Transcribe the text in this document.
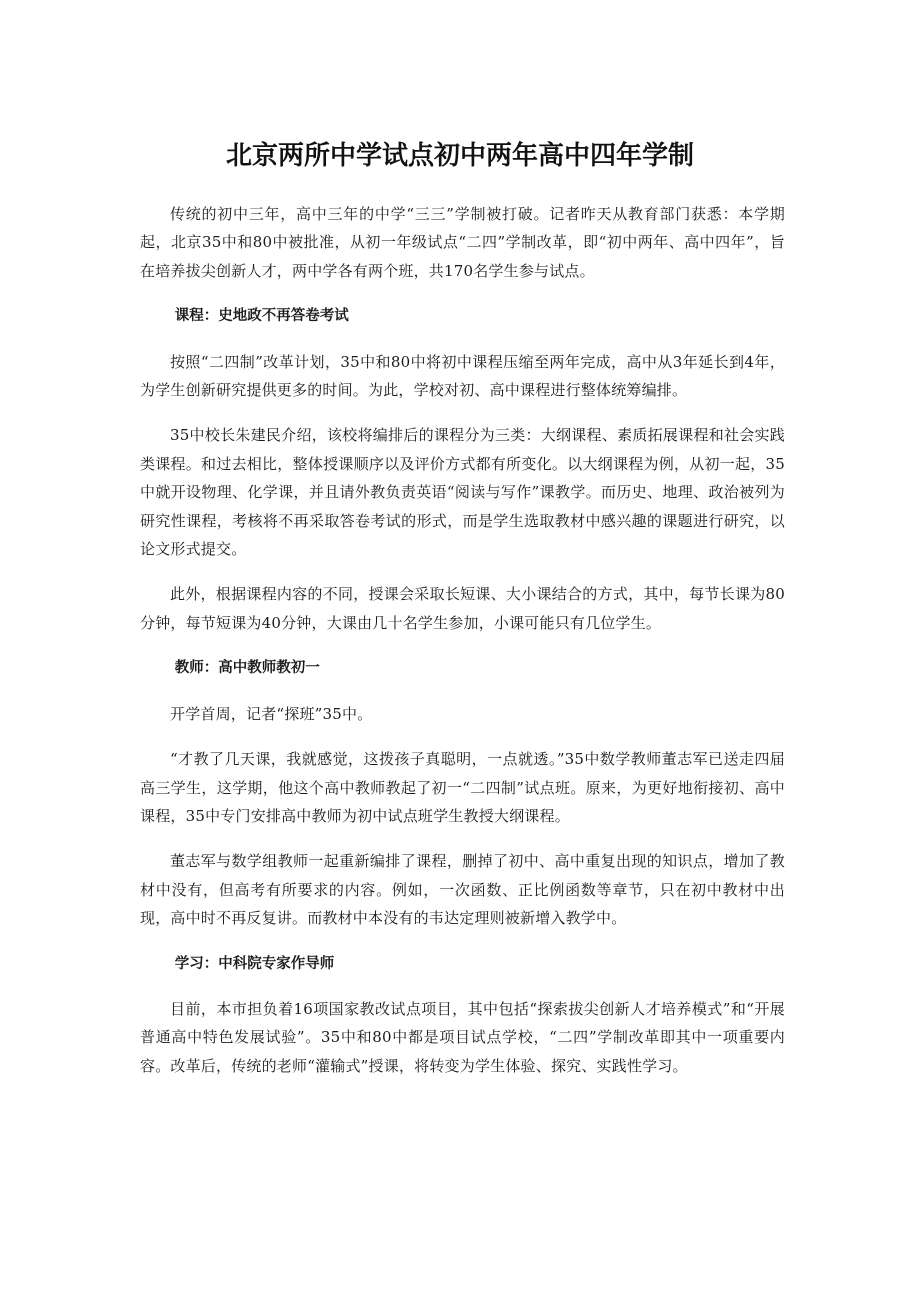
北京两所中学试点初中两年高中四年学制

传统的初中三年，高中三年的中学“三三”学制被打破。记者昨天从教育部门获悉：本学期起，北京35中和80中被批准，从初一年级试点“二四”学制改革，即“初中两年、高中四年”，旨在培养拔尖创新人才，两中学各有两个班，共170名学生参与试点。

课程：史地政不再答卷考试

按照“二四制”改革计划，35中和80中将初中课程压缩至两年完成，高中从3年延长到4年，为学生创新研究提供更多的时间。为此，学校对初、高中课程进行整体统筹编排。

35中校长朱建民介绍，该校将编排后的课程分为三类：大纲课程、素质拓展课程和社会实践类课程。和过去相比，整体授课顺序以及评价方式都有所变化。以大纲课程为例，从初一起，35中就开设物理、化学课，并且请外教负责英语“阅读与写作”课教学。而历史、地理、政治被列为研究性课程，考核将不再采取答卷考试的形式，而是学生选取教材中感兴趣的课题进行研究，以论文形式提交。

此外，根据课程内容的不同，授课会采取长短课、大小课结合的方式，其中，每节长课为80分钟，每节短课为40分钟，大课由几十名学生参加，小课可能只有几位学生。

教师：高中教师教初一

开学首周，记者“探班”35中。

“才教了几天课，我就感觉，这拨孩子真聪明，一点就透。”35中数学教师董志军已送走四届高三学生，这学期，他这个高中教师教起了初一“二四制”试点班。原来，为更好地衔接初、高中课程，35中专门安排高中教师为初中试点班学生教授大纲课程。

董志军与数学组教师一起重新编排了课程，删掉了初中、高中重复出现的知识点，增加了教材中没有，但高考有所要求的内容。例如，一次函数、正比例函数等章节，只在初中教材中出现，高中时不再反复讲。而教材中本没有的韦达定理则被新增入教学中。

学习：中科院专家作导师

目前，本市担负着16项国家教改试点项目，其中包括“探索拔尖创新人才培养模式”和“开展普通高中特色发展试验”。35中和80中都是项目试点学校，“二四”学制改革即其中一项重要内容。改革后，传统的老师“灌输式”授课，将转变为学生体验、探究、实践性学习。
